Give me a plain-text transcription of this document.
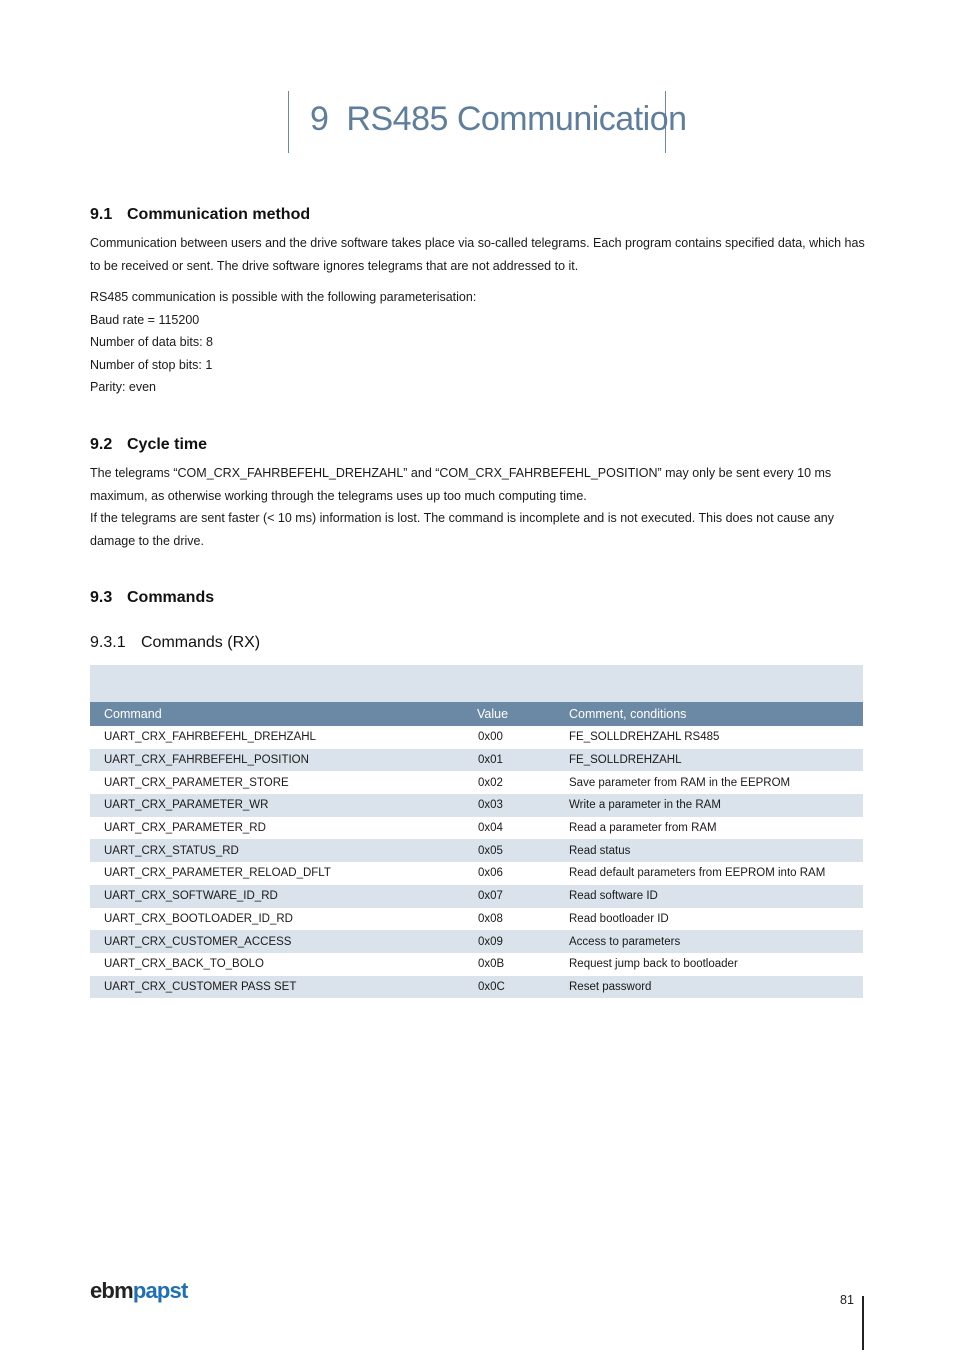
9 RS485 Communication
9.1 Communication method

Communication between users and the drive software takes place via so-called telegrams. Each program contains specified data, which has to be received or sent. The drive software ignores telegrams that are not addressed to it.

RS485 communication is possible with the following parameterisation:

Baud rate = 115200

Number of data bits: 8

Number of stop bits: 1

Parity: even

9.2 Cycle time

The telegrams “COM_CRX_FAHRBEFEHL_DREHZAHL” and “COM_CRX_FAHRBEFEHL_POSITION” may only be sent every 10 ms maximum, as otherwise working through the telegrams uses up too much computing time.

If the telegrams are sent faster (< 10 ms) information is lost. The command is incomplete and is not executed. This does not cause any damage to the drive.

9.3 Commands
9.3.1 Commands (RX)
Command	Value	Comment, conditions
UART_CRX_FAHRBEFEHL_DREHZAHL	0x00	FE_SOLLDREHZAHL RS485
UART_CRX_FAHRBEFEHL_POSITION	0x01	FE_SOLLDREHZAHL
UART_CRX_PARAMETER_STORE	0x02	Save parameter from RAM in the EEPROM
UART_CRX_PARAMETER_WR	0x03	Write a parameter in the RAM
UART_CRX_PARAMETER_RD	0x04	Read a parameter from RAM
UART_CRX_STATUS_RD	0x05	Read status
UART_CRX_PARAMETER_RELOAD_DFLT	0x06	Read default parameters from EEPROM into RAM
UART_CRX_SOFTWARE_ID_RD	0x07	Read software ID
UART_CRX_BOOTLOADER_ID_RD	0x08	Read bootloader ID
UART_CRX_CUSTOMER_ACCESS	0x09	Access to parameters
UART_CRX_BACK_TO_BOLO	0x0B	Request jump back to bootloader
UART_CRX_CUSTOMER PASS SET	0x0C	Reset password
ebmpapst	81
